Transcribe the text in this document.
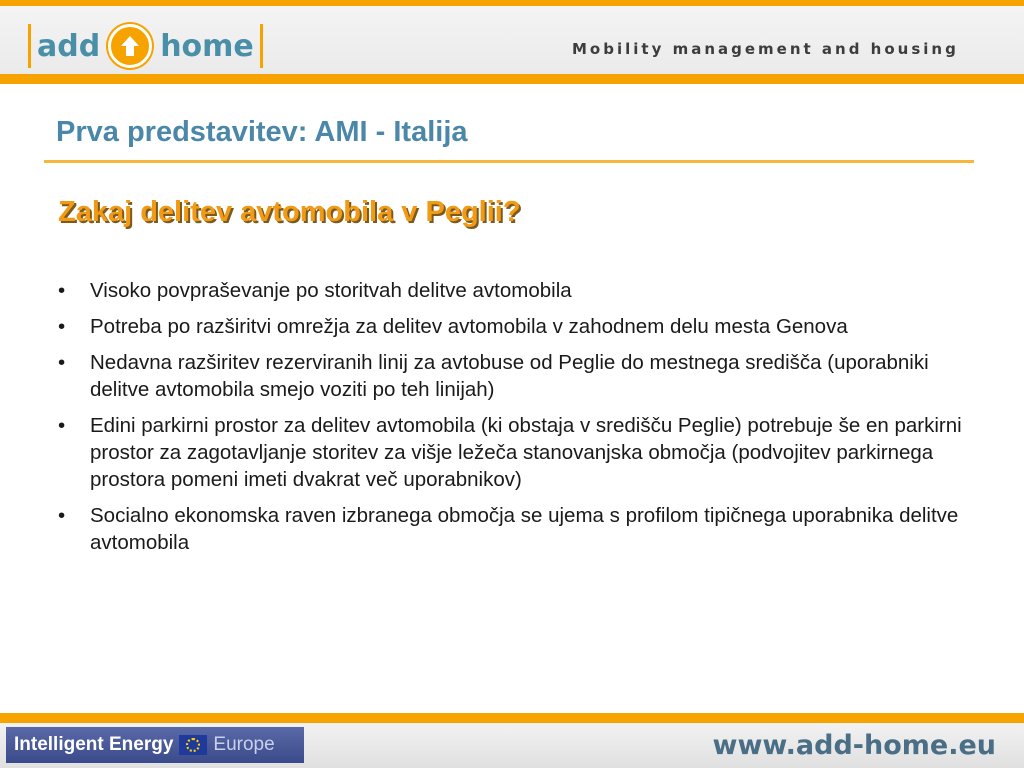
add home	Mobility management and housing
Prva predstavitev: AMI - Italija
Zakaj delitev avtomobila v Peglii?
• Visoko povpraševanje po storitvah delitve avtomobila
• Potreba po razširitvi omrežja za delitev avtomobila v zahodnem delu mesta Genova
• Nedavna razširitev rezerviranih linij za avtobuse od Peglie do mestnega središča (uporabniki delitve avtomobila smejo voziti po teh linijah)
• Edini parkirni prostor za delitev avtomobila (ki obstaja v središču Peglie) potrebuje še en parkirni prostor za zagotavljanje storitev za višje ležeča stanovanjska območja (podvojitev parkirnega prostora pomeni imeti dvakrat več uporabnikov)
• Socialno ekonomska raven izbranega območja se ujema s profilom tipičnega uporabnika delitve avtomobila
Intelligent Energy Europe	www.add-home.eu
